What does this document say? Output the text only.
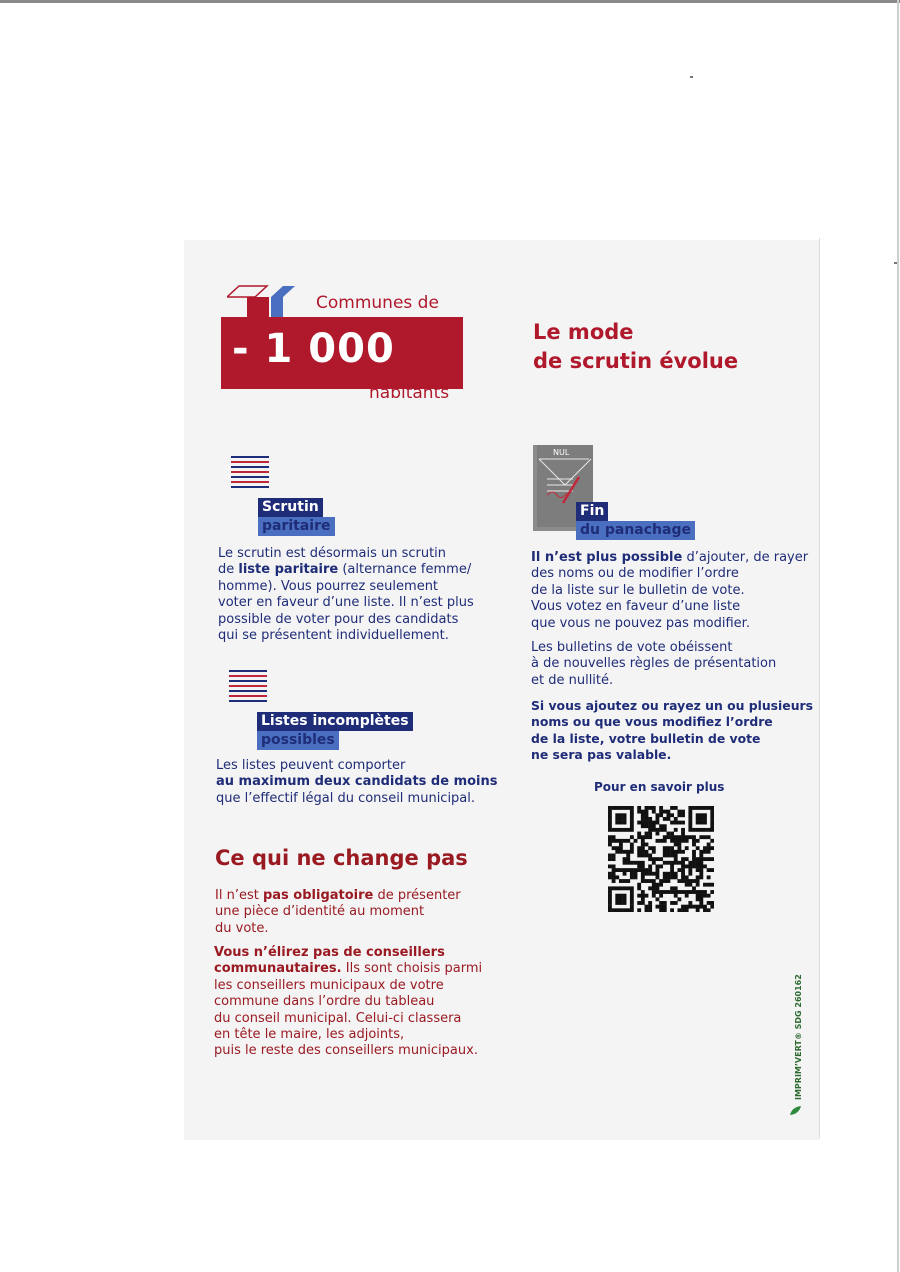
- 1 000
Communes de
habitants
Le mode
de scrutin évolue
Scrutin
paritaire
Le scrutin est désormais un scrutin
de liste paritaire (alternance femme/
homme). Vous pourrez seulement
voter en faveur d’une liste. Il n’est plus
possible de voter pour des candidats
qui se présentent individuellement.
Listes incomplètes
possibles
Les listes peuvent comporter
au maximum deux candidats de moins
que l’effectif légal du conseil municipal.
NUL
Fin
du panachage
Il n’est plus possible d’ajouter, de rayer
des noms ou de modifier l’ordre
de la liste sur le bulletin de vote.
Vous votez en faveur d’une liste
que vous ne pouvez pas modifier.
Les bulletins de vote obéissent
à de nouvelles règles de présentation
et de nullité.
Si vous ajoutez ou rayez un ou plusieurs
noms ou que vous modifiez l’ordre
de la liste, votre bulletin de vote
ne sera pas valable.
Pour en savoir plus
Ce qui ne change pas
Il n’est pas obligatoire de présenter
une pièce d’identité au moment
du vote.
Vous n’élirez pas de conseillers
communautaires. Ils sont choisis parmi
les conseillers municipaux de votre
commune dans l’ordre du tableau
du conseil municipal. Celui-ci classera
en tête le maire, les adjoints,
puis le reste des conseillers municipaux.	IMPRIM’VERT® SDG 260162
